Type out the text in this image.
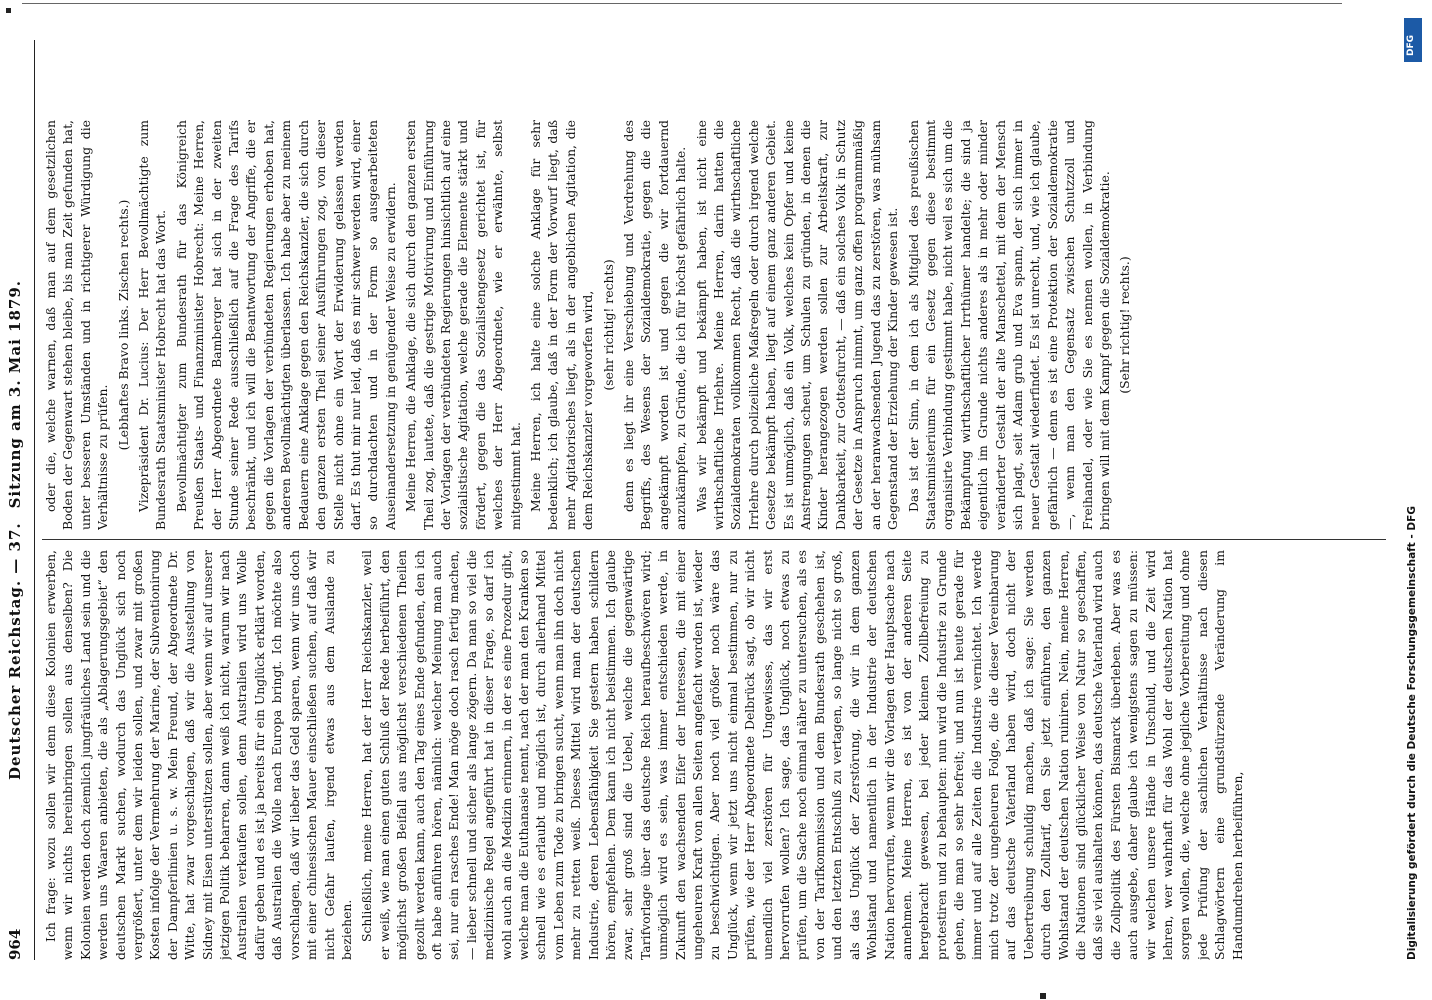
964
Deutscher Reichstag. — 37.
Sitzung am 3. Mai 1879.

Ich frage: wozu sollen wir denn diese Kolonien erwerben, wenn wir nichts hereinbringen sollen aus denselben? Die Kolonien werden doch ziemlich jungfräuliches Land sein und die werden uns Waaren anbieten, die als „Ablagerungsgebiet“ den deutschen Markt suchen, wodurch das Unglück sich noch vergrößert, unter dem wir leiden sollen, und zwar mit großen Kosten infolge der Vermehrung der Marine, der Subventionirung der Dampferlinien u. s. w. Mein Freund, der Abgeordnete Dr. Witte, hat zwar vorgeschlagen, daß wir die Ausstellung von Sidney mit Eisen unterstützen sollen, aber wenn wir auf unserer jetzigen Politik beharren, dann weiß ich nicht, warum wir nach Australien verkaufen sollen, denn Australien wird uns Wolle dafür geben und es ist ja bereits für ein Unglück erklärt worden, daß Australien die Wolle nach Europa bringt. Ich möchte also vorschlagen, daß wir lieber das Geld sparen, wenn wir uns doch mit einer chinesischen Mauer einschließen suchen, auf daß wir nicht Gefahr laufen, irgend etwas aus dem Auslande zu beziehen. Schließlich, meine Herren, hat der Herr Reichskanzler, weil er weiß, wie man einen guten Schluß der Rede herbeiführt, den möglichst großen Beifall aus möglichst verschiedenen Theilen gezollt werden kann, auch den Tag eines Ende gefunden, den ich oft habe anführen hören, nämlich: welcher Meinung man auch sei, nur ein rasches Ende! Man möge doch rasch fertig machen, — lieber schnell und sicher als lange zögern. Da man so viel die medizinische Regel angeführt hat in dieser Frage, so darf ich wohl auch an die Medizin erinnern, in der es eine Prozedur gibt, welche man die Euthanasie nennt, nach der man den Kranken so schnell wie es erlaubt und möglich ist, durch allerhand Mittel vom Leben zum Tode zu bringen sucht, wenn man ihn doch nicht mehr zu retten weiß. Dieses Mittel wird man der deutschen Industrie, deren Lebensfähigkeit Sie gestern haben schildern hören, empfehlen. Dem kann ich nicht beistimmen. Ich glaube zwar, sehr groß sind die Uebel, welche die gegenwärtige Tarifvorlage über das deutsche Reich heraufbeschwören wird; unmöglich wird es sein, was immer entschieden werde, in Zukunft den wachsenden Eifer der Interessen, die mit einer ungeheuren Kraft von allen Seiten angefacht worden ist, wieder zu beschwichtigen. Aber noch viel größer noch wäre das Unglück, wenn wir jetzt uns nicht einmal bestimmen, nur zu prüfen, wie der Herr Abgeordnete Delbrück sagt, ob wir nicht unendlich viel zerstören für Ungewisses, das wir erst hervorrufen wollen? Ich sage, das Unglück, noch etwas zu prüfen, um die Sache noch einmal näher zu untersuchen, als es von der Tarifkommission und dem Bundesrath geschehen ist, und den letzten Entschluß zu vertagen, so lange nicht so groß, als das Unglück der Zerstörung, die wir in dem ganzen Wohlstand und namentlich in der Industrie der deutschen Nation hervorrufen, wenn wir die Vorlagen der Hauptsache nach annehmen. Meine Herren, es ist von der anderen Seite hergebracht gewesen, bei jeder kleinen Zollbefreiung zu protestiren und zu behaupten: nun wird die Industrie zu Grunde gehen, die man so sehr befreit; und nun ist heute gerade für immer und auf alle Zeiten die Industrie vernichtet. Ich werde mich trotz der ungeheuren Folge, die die dieser Vereinbarung auf das deutsche Vaterland haben wird, doch nicht der Uebertreibung schuldig machen, daß ich sage: Sie werden durch den Zolltarif, den Sie jetzt einführen, den ganzen Wohlstand der deutschen Nation ruiniren. Nein, meine Herren, die Nationen sind glücklicher Weise von Natur so geschaffen, daß sie viel aushalten können, das deutsche Vaterland wird auch die Zollpolitik des Fürsten Bismarck überleben. Aber was es auch ausgebe, daher glaube ich wenigstens sagen zu müssen: wir welchen unsere Hände in Unschuld, und die Zeit wird lehren, wer wahrhaft für das Wohl der deutschen Nation hat sorgen wollen, die, welche ohne jegliche Vorbereitung und ohne jede Prüfung der sachlichen Verhältnisse nach diesen Schlagwörtern eine grundstürzende Veränderung im Handumdrehen herbeiführen,

oder die, welche warnen, daß man auf dem gesetzlichen Boden der Gegenwart stehen bleibe, bis man Zeit gefunden hat, unter besseren Umständen und in richtigerer Würdigung die Verhältnisse zu prüfen.

(Lebhaftes Bravo links. Zischen rechts.) Vizepräsident Dr. Lucius: Der Herr Bevollmächtigte zum Bundesrath Staatsminister Hobrecht hat das Wort. Bevollmächtigter zum Bundesrath für das Königreich Preußen Staats- und Finanzminister Hobrecht: Meine Herren, der Herr Abgeordnete Bamberger hat sich in der zweiten Stunde seiner Rede ausschließlich auf die Frage des Tarifs beschränkt, und ich will die Beantwortung der Angriffe, die er gegen die Vorlagen der verbündeten Regierungen erhoben hat, anderen Bevollmächtigten überlassen. Ich habe aber zu meinem Bedauern eine Anklage gegen den Reichskanzler, die sich durch den ganzen ersten Theil seiner Ausführungen zog, von dieser Stelle nicht ohne ein Wort der Erwiderung gelassen werden darf. Es thut mir nur leid, daß es mir schwer werden wird, einer so durchdachten und in der Form so ausgearbeiteten Auseinandersetzung in genügender Weise zu erwidern. Meine Herren, die Anklage, die sich durch den ganzen ersten Theil zog, lautete, daß die gestrige Motivirung und Einführung der Vorlagen der verbündeten Regierungen hinsichtlich auf eine sozialistische Agitation, welche gerade die Elemente stärkt und fördert, gegen die das Sozialistengesetz gerichtet ist, für welches der Herr Abgeordnete, wie er erwähnte, selbst mitgestimmt hat. Meine Herren, ich halte eine solche Anklage für sehr bedenklich; ich glaube, daß in der Form der Vorwurf liegt, daß mehr Agitatorisches liegt, als in der angeblichen Agitation, die dem Reichskanzler vorgeworfen wird, (sehr richtig! rechts) denn es liegt ihr eine Verschiebung und Verdrehung des Begriffs, des Wesens der Sozialdemokratie, gegen die die angekämpft worden ist und gegen die wir fortdauernd anzukämpfen, zu Gründe, die ich für höchst gefährlich halte. Was wir bekämpft und bekämpft haben, ist nicht eine wirthschaftliche Irrlehre. Meine Herren, darin hatten die Sozialdemokraten vollkommen Recht, daß die wirthschaftliche Irrlehre durch polizeiliche Maßregeln oder durch irgend welche Gesetze bekämpft haben, liegt auf einem ganz anderen Gebiet. Es ist unmöglich, daß ein Volk, welches kein Opfer und keine Anstrengungen scheut, um Schulen zu gründen, in denen die Kinder herangezogen werden sollen zur Arbeitskraft, zur Dankbarkeit, zur Gottesfurcht, — daß ein solches Volk in Schutz der Gesetze in Anspruch nimmt, um ganz offen programmmäßig an der heranwachsenden Jugend das zu zerstören, was mühsam Gegenstand der Erziehung der Kinder gewesen ist. Das ist der Sinn, in dem ich als Mitglied des preußischen Staatsministeriums für ein Gesetz gegen diese bestimmt organisirte Verbindung gestimmt habe, nicht weil es sich um die Bekämpfung wirthschaftlicher Irrthümer handelte; die sind ja eigentlich im Grunde nichts anderes als in mehr oder minder veränderter Gestalt der alte Manschettel, mit dem der Mensch sich plagt, seit Adam grub und Eva spann, der sich immer in neuer Gestalt wiederfindet. Es ist unrecht, und, wie ich glaube, gefährlich — denn es ist eine Protektion der Sozialdemokratie —, wenn man den Gegensatz zwischen Schutzzoll und Freihandel, oder wie Sie es nennen wollen, in Verbindung bringen will mit dem Kampf gegen die Sozialdemokratie. (Sehr richtig! rechts.)

Digitalisierung gefördert durch die Deutsche Forschungsgemeinschaft - DFG
DFG
